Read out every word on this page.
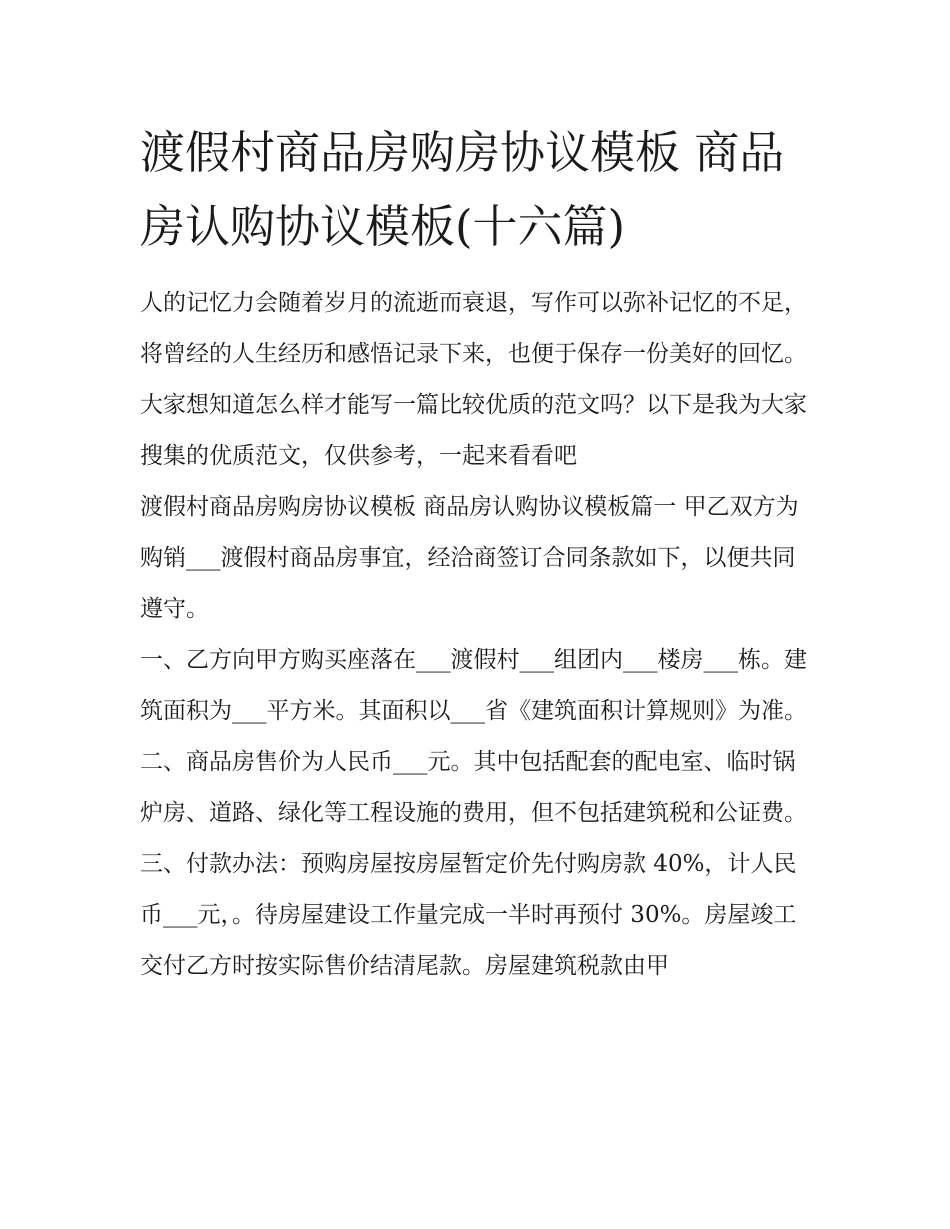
渡假村商品房购房协议模板 商品房认购协议模板(十六篇)

人的记忆力会随着岁月的流逝而衰退，写作可以弥补记忆的不足，将曾经的人生经历和感悟记录下来，也便于保存一份美好的回忆。大家想知道怎么样才能写一篇比较优质的范文吗？以下是我为大家搜集的优质范文，仅供参考，一起来看看吧

渡假村商品房购房协议模板 商品房认购协议模板篇一 甲乙双方为购销___渡假村商品房事宜，经洽商签订合同条款如下，以便共同遵守。

一、乙方向甲方购买座落在___渡假村___组团内___楼房___栋。建筑面积为___平方米。其面积以___省《建筑面积计算规则》为准。

二、商品房售价为人民币___元。其中包括配套的配电室、临时锅炉房、道路、绿化等工程设施的费用，但不包括建筑税和公证费。

三、付款办法：预购房屋按房屋暂定价先付购房款 40%，计人民币___元，。待房屋建设工作量完成一半时再预付 30%。房屋竣工交付乙方时按实际售价结清尾款。房屋建筑税款由甲
